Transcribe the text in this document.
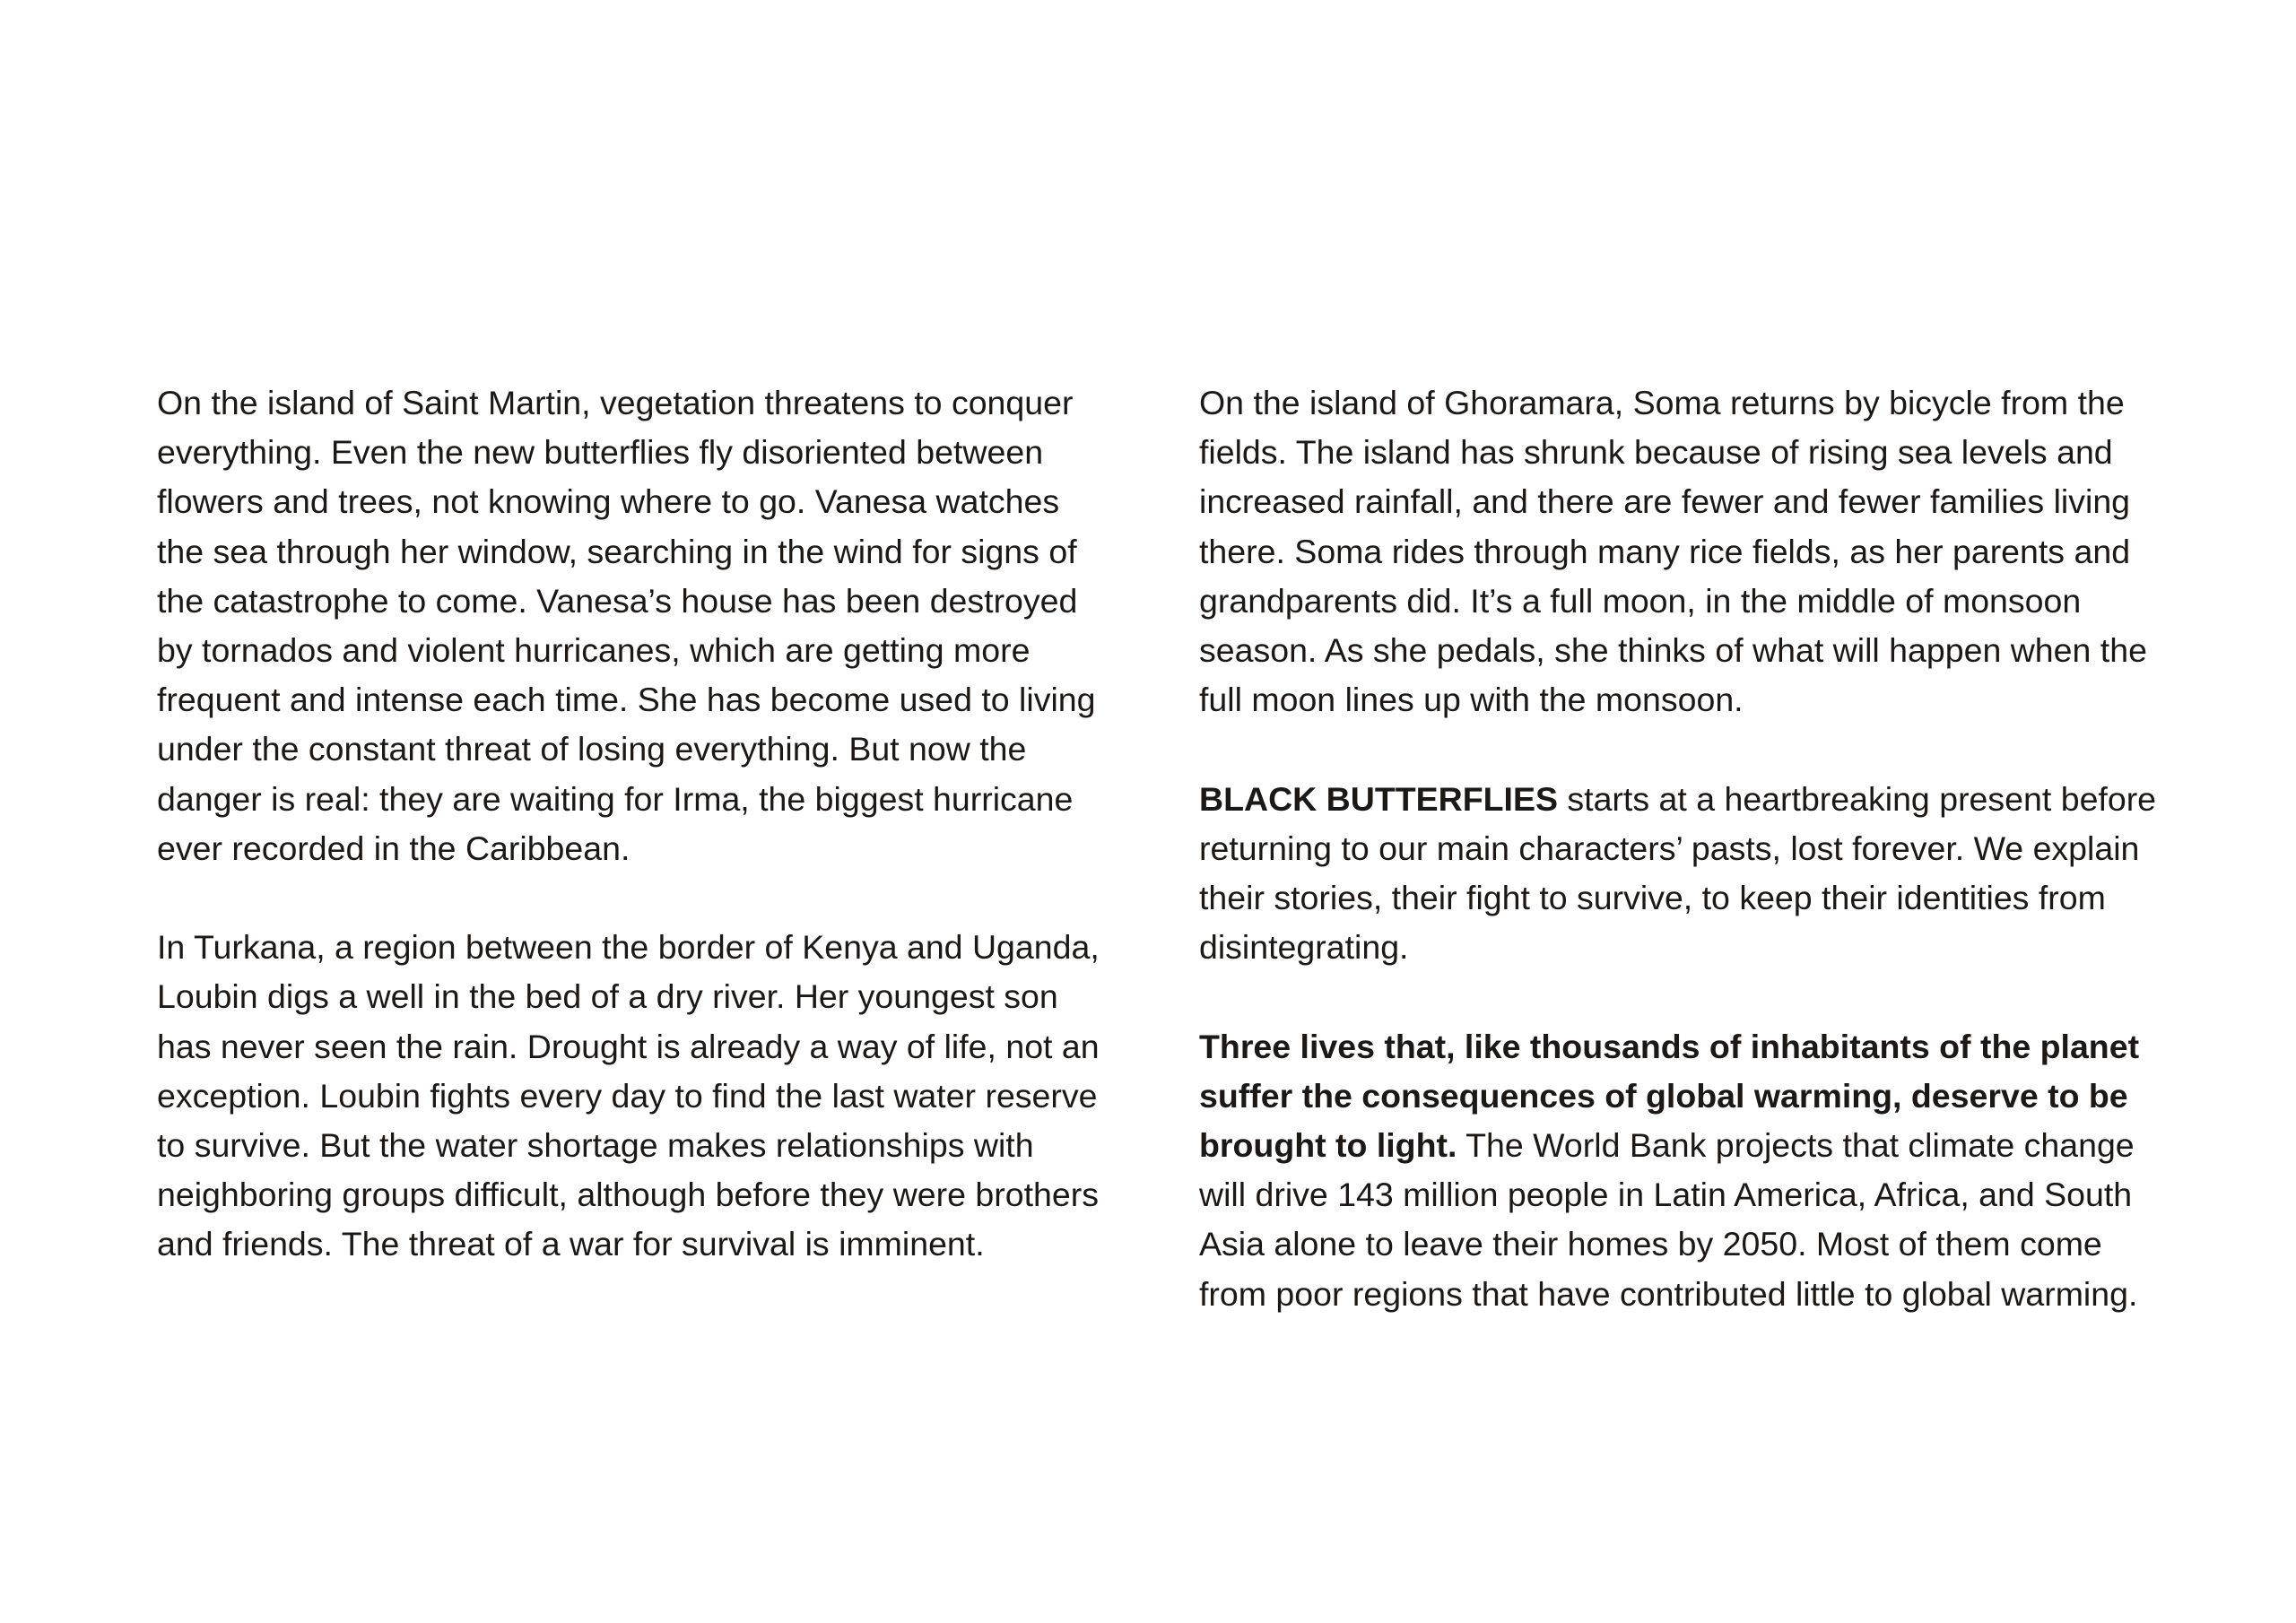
On the island of Saint Martin, vegetation threatens to conquer
everything. Even the new butterflies fly disoriented between
flowers and trees, not knowing where to go. Vanesa watches
the sea through her window, searching in the wind for signs of
the catastrophe to come. Vanesa’s house has been destroyed
by tornados and violent hurricanes, which are getting more
frequent and intense each time. She has become used to living
under the constant threat of losing everything. But now the
danger is real: they are waiting for Irma, the biggest hurricane
ever recorded in the Caribbean.

In Turkana, a region between the border of Kenya and Uganda,
Loubin digs a well in the bed of a dry river. Her youngest son
has never seen the rain. Drought is already a way of life, not an
exception. Loubin fights every day to find the last water reserve
to survive. But the water shortage makes relationships with
neighboring groups difficult, although before they were brothers
and friends. The threat of a war for survival is imminent.

On the island of Ghoramara, Soma returns by bicycle from the
fields. The island has shrunk because of rising sea levels and
increased rainfall, and there are fewer and fewer families living
there. Soma rides through many rice fields, as her parents and
grandparents did. It’s a full moon, in the middle of monsoon
season. As she pedals, she thinks of what will happen when the
full moon lines up with the monsoon.

BLACK BUTTERFLIES starts at a heartbreaking present before
returning to our main characters’ pasts, lost forever. We explain
their stories, their fight to survive, to keep their identities from
disintegrating.

Three lives that, like thousands of inhabitants of the planet
suffer the consequences of global warming, deserve to be
brought to light. The World Bank projects that climate change
will drive 143 million people in Latin America, Africa, and South
Asia alone to leave their homes by 2050. Most of them come
from poor regions that have contributed little to global warming.
